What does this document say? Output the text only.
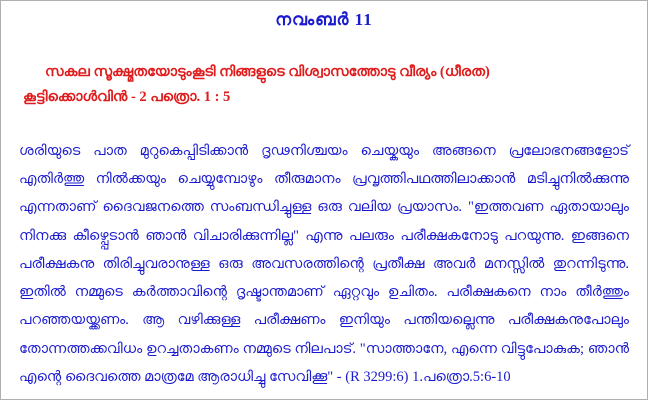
നവംബർ 11
സകല സൂക്ഷ്മതയോടുംകൂടി നിങ്ങളുടെ വിശ്വാസത്തോടു വീര്യം (ധീരത)
കൂട്ടിക്കൊൾവിൻ - 2 പത്രൊ. 1 : 5

ശരിയുടെ പാത മുറുകെപ്പിടിക്കാൻ ദൃഢനിശ്ചയം ചെയ്കയും അങ്ങനെ പ്രലോഭനങ്ങളോട് എതിർത്തു നിൽക്കയും ചെയ്യുമ്പോഴും തീരുമാനം പ്രവൃത്തിപഥത്തിലാക്കാൻ മടിച്ചുനിൽക്കുന്നു എന്നതാണ് ദൈവജനത്തെ സംബന്ധിച്ചുള്ള ഒരു വലിയ പ്രയാസം. "ഇത്തവണ ഏതായാലും നിനക്കു കീഴ്പ്പെടാൻ ഞാൻ വിചാരിക്കുന്നില്ല" എന്നു പലരും പരീക്ഷകനോടു പറയുന്നു. ഇങ്ങനെ പരീക്ഷകനു തിരിച്ചുവരാനുള്ള ഒരു അവസരത്തിന്റെ പ്രതീക്ഷ അവർ മനസ്സിൽ തുറന്നിടുന്നു. ഇതിൽ നമ്മുടെ കർത്താവിന്റെ ദൃഷ്ടാന്തമാണ് ഏറ്റവും ഉചിതം. പരീക്ഷകനെ നാം തീർത്തും പറഞ്ഞയയ്ക്കണം. ആ വഴിക്കുള്ള പരീക്ഷണം ഇനിയും പന്തിയല്ലെന്നു പരീക്ഷകനുപോലും തോന്നത്തക്കവിധം ഉറച്ചതാകണം നമ്മുടെ നിലപാട്. "സാത്താനേ, എന്നെ വിട്ടുപോകുക; ഞാൻ എന്റെ ദൈവത്തെ മാത്രമേ ആരാധിച്ചു സേവിക്കൂ" - (R 3299:6) 1.പത്രൊ.5:6-10
